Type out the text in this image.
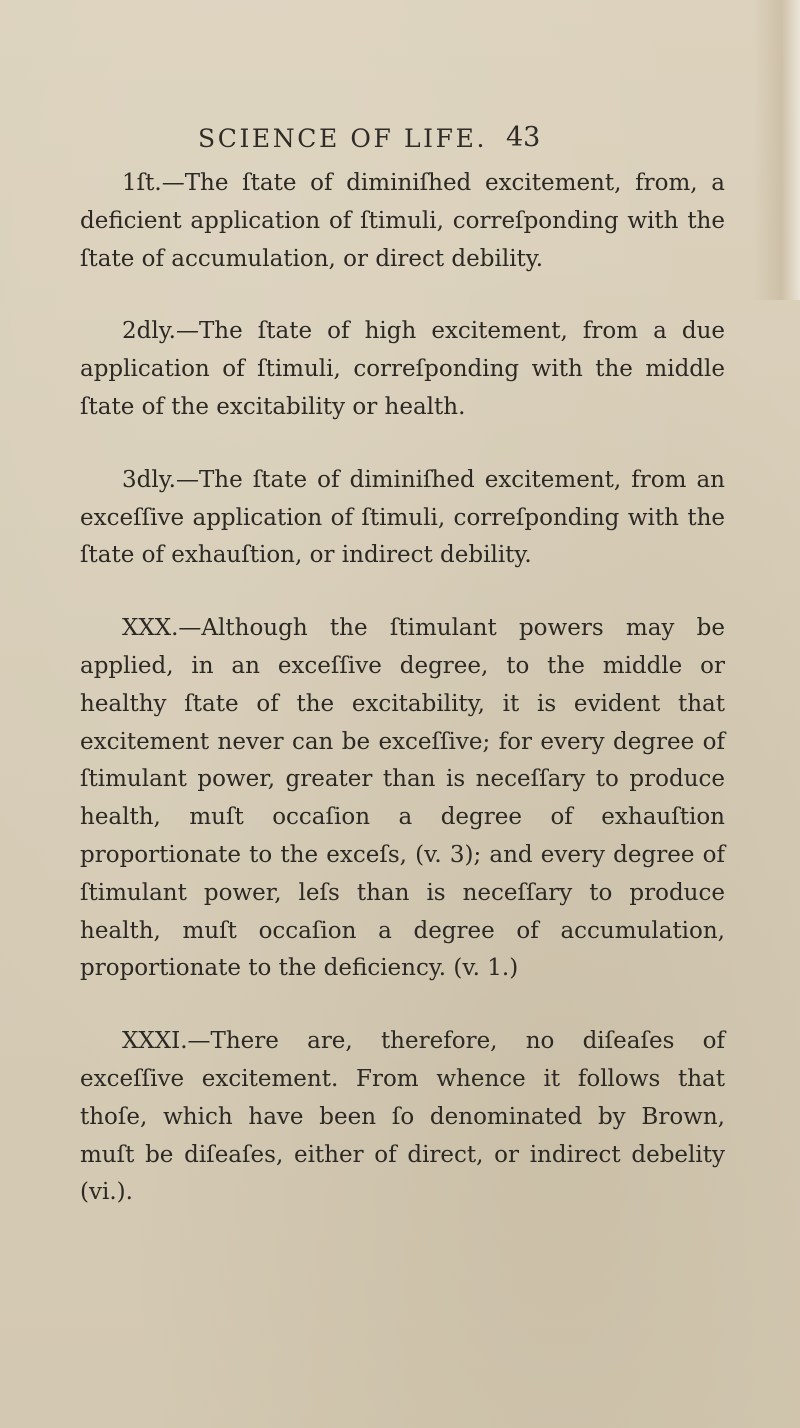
SCIENCE OF LIFE. 43

1ſt.—The ſtate of diminiſhed excitement, from, a deficient application of ſtimuli, correſponding with the ſtate of accumulation, or direct debility.

2dly.—The ſtate of high excitement, from a due application of ſtimuli, correſponding with the middle ſtate of the excitability or health.

3dly.—The ſtate of diminiſhed excitement, from an exceſſive application of ſtimuli, correſponding with the ſtate of exhauſtion, or indirect debility.

XXX.—Although the ſtimulant powers may be applied, in an exceſſive degree, to the middle or healthy ſtate of the excitability, it is evident that excitement never can be exceſſive; for every degree of ſtimulant power, greater than is neceſſary to produce health, muſt occaſion a degree of exhauſtion proportionate to the exceſs, (v. 3); and every degree of ſtimulant power, leſs than is neceſſary to produce health, muſt occaſion a degree of accumulation, proportionate to the deficiency. (v. 1.)

XXXI.—There are, therefore, no diſeaſes of exceſſive excitement. From whence it follows that thoſe, which have been ſo denominated by Brown, muſt be diſeaſes, either of direct, or indirect debelity (vi.).
